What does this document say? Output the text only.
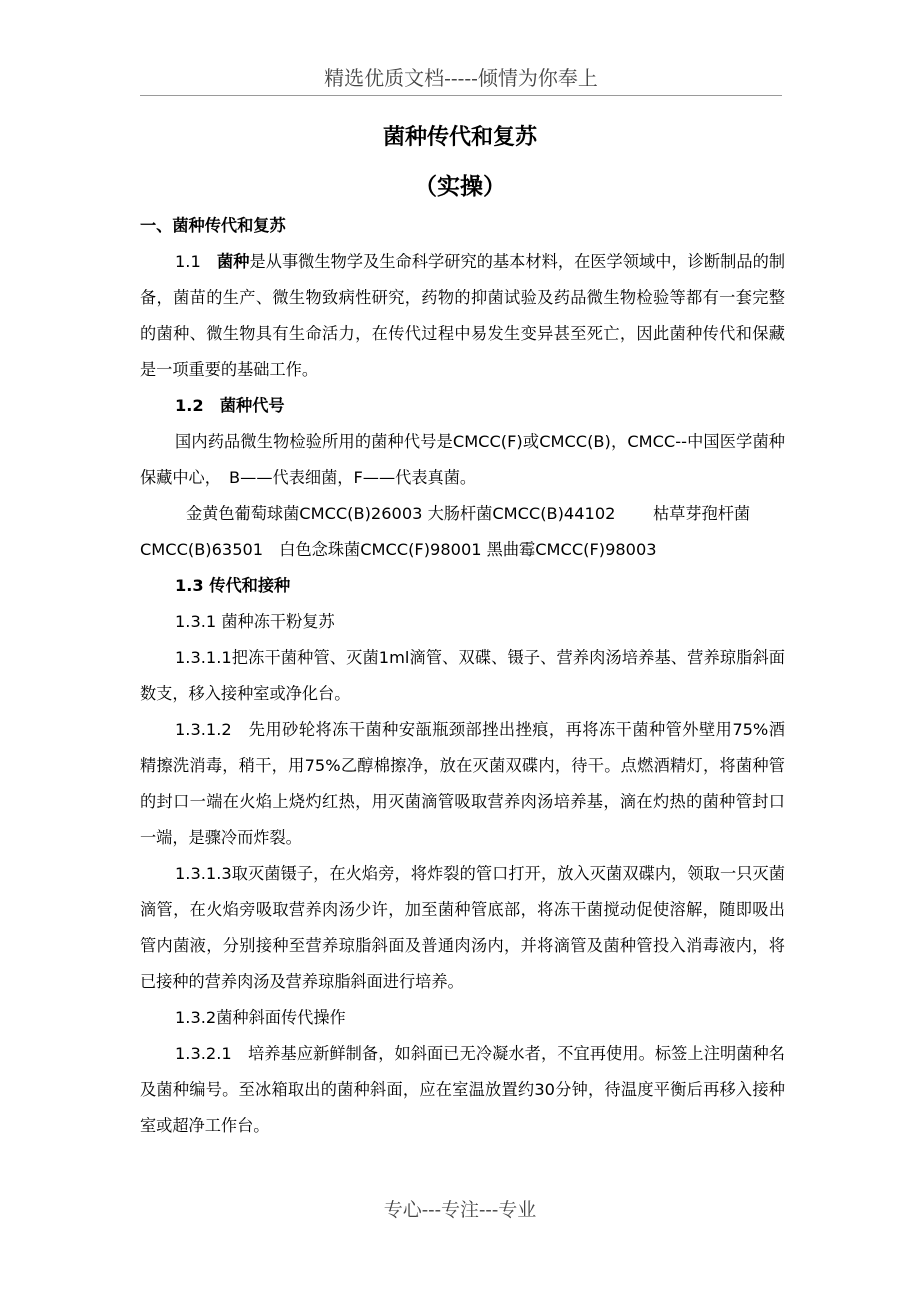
精选优质文档-----倾情为你奉上
菌种传代和复苏
（实操）

一、菌种传代和复苏

1.1　 菌种是从事微生物学及生命科学研究的基本材料，在医学领域中，诊断制品的制备，菌苗的生产、微生物致病性研究，药物的抑菌试验及药品微生物检验等都有一套完整的菌种、微生物具有生命活力，在传代过程中易发生变异甚至死亡，因此菌种传代和保藏是一项重要的基础工作。

1.2　菌种代号

国内药品微生物检验所用的菌种代号是CMCC(F)或CMCC(B)，CMCC--中国医学菌种保藏中心，　B——代表细菌，F——代表真菌。

金黄色葡萄球菌CMCC(B)26003 大肠杆菌CMCC(B)44102　　 枯草芽孢杆菌CMCC(B)63501　白色念珠菌CMCC(F)98001 黑曲霉CMCC(F)98003

1.3 传代和接种

1.3.1 菌种冻干粉复苏

1.3.1.1把冻干菌种管、灭菌1ml滴管、双碟、镊子、营养肉汤培养基、营养琼脂斜面数支，移入接种室或净化台。

1.3.1.2　先用砂轮将冻干菌种安瓿瓶颈部挫出挫痕，再将冻干菌种管外壁用75%酒精擦洗消毒，稍干，用75%乙醇棉擦净，放在灭菌双碟内，待干。点燃酒精灯，将菌种管的封口一端在火焰上烧灼红热，用灭菌滴管吸取营养肉汤培养基，滴在灼热的菌种管封口一端，是骤冷而炸裂。

1.3.1.3取灭菌镊子，在火焰旁，将炸裂的管口打开，放入灭菌双碟内，领取一只灭菌滴管，在火焰旁吸取营养肉汤少许，加至菌种管底部，将冻干菌搅动促使溶解，随即吸出管内菌液，分别接种至营养琼脂斜面及普通肉汤内，并将滴管及菌种管投入消毒液内，将已接种的营养肉汤及营养琼脂斜面进行培养。

1.3.2菌种斜面传代操作

1.3.2.1　培养基应新鲜制备，如斜面已无冷凝水者，不宜再使用。标签上注明菌种名及菌种编号。至冰箱取出的菌种斜面，应在室温放置约30分钟，待温度平衡后再移入接种室或超净工作台。

专心---专注---专业
